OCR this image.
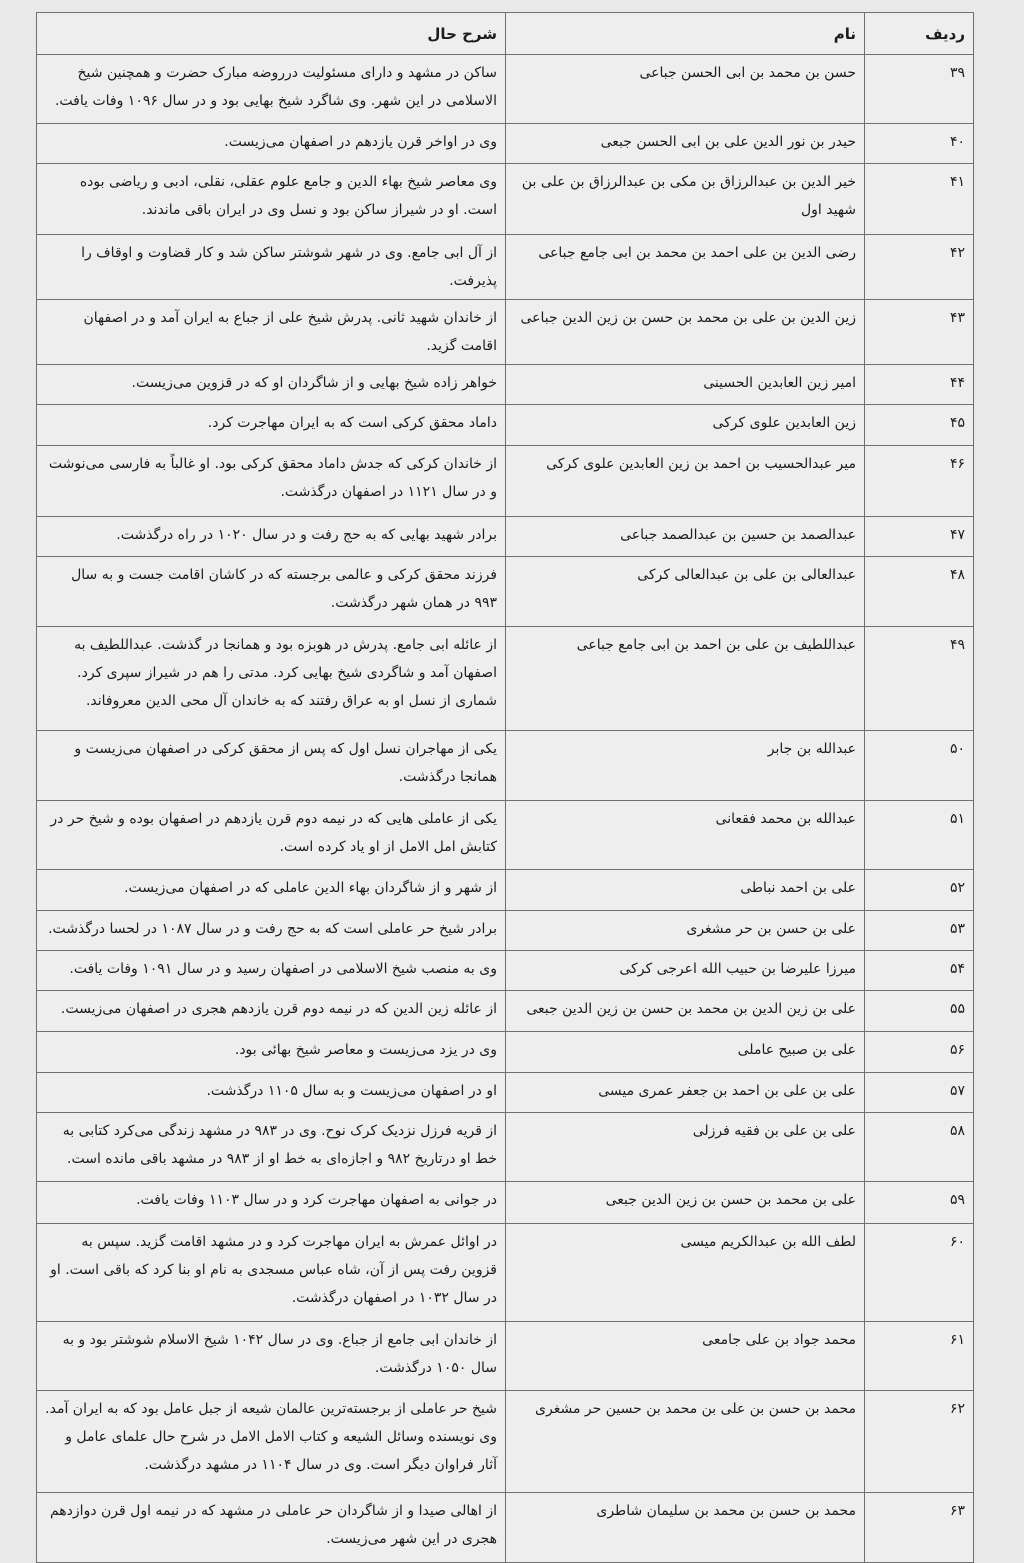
ردیف	نام	شرح حال
۳۹	حسن بن محمد بن ابی الحسن جباعی	ساکن در مشهد و دارای مسئولیت درروضه مبارک حضرت و همچنین شیخ الاسلامی در این شهر. وی شاگرد شیخ بهایی بود و در سال ۱۰۹۶ وفات یافت.
۴۰	حیدر بن نور الدین علی بن ابی الحسن جبعی	وی در اواخر قرن یازدهم در اصفهان می‌زیست.
۴۱	خیر الدین بن عبدالرزاق بن مکی بن عبدالرزاق بن علی بن شهید اول	وی معاصر شیخ بهاء الدین و جامع علوم عقلی، نقلی، ادبی و ریاضی بوده است. او در شیراز ساکن بود و نسل وی در ایران باقی ماندند.
۴۲	رضی الدین بن علی احمد بن محمد بن ابی جامع جباعی	از آل ابی جامع. وی در شهر شوشتر ساکن شد و کار قضاوت و اوقاف را پذیرفت.
۴۳	زین الدین بن علی بن محمد بن حسن بن زین الدین جباعی	از خاندان شهید ثانی. پدرش شیخ علی از جباع به ایران آمد و در اصفهان اقامت گزید.
۴۴	امیر زین العابدین الحسینی	خواهر زاده شیخ بهایی و از شاگردان او که در قزوین می‌زیست.
۴۵	زین العابدین علوی کرکی	داماد محقق کرکی است که به ایران مهاجرت کرد.
۴۶	میر عبدالحسیب بن احمد بن زین العابدین علوی کرکی	از خاندان کرکی که جدش داماد محقق کرکی بود. او غالباً به فارسی می‌نوشت و در سال ۱۱۲۱ در اصفهان درگذشت.
۴۷	عبدالصمد بن حسین بن عبدالصمد جباعی	برادر شهید بهایی که به حج رفت و در سال ۱۰۲۰ در راه درگذشت.
۴۸	عبدالعالی بن علی بن عبدالعالی کرکی	فرزند محقق کرکی و عالمی برجسته که در کاشان اقامت جست و به سال ۹۹۳ در همان شهر درگذشت.
۴۹	عبداللطیف بن علی بن احمد بن ابی جامع جباعی	از عائله ابی جامع. پدرش در هوبزه بود و همانجا در گذشت. عبداللطیف به اصفهان آمد و شاگردی شیخ بهایی کرد. مدتی را هم در شیراز سپری کرد. شماری از نسل او به عراق رفتند که به خاندان آل محی الدین معروفاند.
۵۰	عبدالله بن جابر	یکی از مهاجران نسل اول که پس از محقق کرکی در اصفهان می‌زیست و همانجا درگذشت.
۵۱	عبدالله بن محمد فقعانی	یکی از عاملی هایی که در نیمه دوم قرن یازدهم در اصفهان بوده و شیخ حر در کتابش امل الامل از او یاد کرده است.
۵۲	علی بن احمد نباطی	از شهر و از شاگردان بهاء الدین عاملی که در اصفهان می‌زیست.
۵۳	علی بن حسن بن حر مشغری	برادر شیخ حر عاملی است که به حج رفت و در سال ۱۰۸۷ در لحسا درگذشت.
۵۴	میرزا علیرضا بن حبیب الله اعرجی کرکی	وی به منصب شیخ الاسلامی در اصفهان رسید و در سال ۱۰۹۱ وفات یافت.
۵۵	علی بن زین الدین بن محمد بن حسن بن زین الدین جبعی	از عائله زین الدین که در نیمه دوم قرن یازدهم هجری در اصفهان می‌زیست.
۵۶	علی بن صبیح عاملی	وی در یزد می‌زیست و معاصر شیخ بهائی بود.
۵۷	علی بن علی بن احمد بن جعفر عمری میسی	او در اصفهان می‌زیست و به سال ۱۱۰۵ درگذشت.
۵۸	علی بن علی بن فقیه فرزلی	از قریه فرزل نزدیک کرک نوح. وی در ۹۸۳ در مشهد زندگی می‌کرد کتابی به خط او درتاریخ ۹۸۲ و اجازه‌ای به خط او از ۹۸۳ در مشهد باقی مانده است.
۵۹	علی بن محمد بن حسن بن زین الدین جبعی	در جوانی به اصفهان مهاجرت کرد و در سال ۱۱۰۳ وفات یافت.
۶۰	لطف الله بن عبدالکریم میسی	در اوائل عمرش به ایران مهاجرت کرد و در مشهد اقامت گزید. سپس به قزوین رفت پس از آن، شاه عباس مسجدی به نام او بنا کرد که باقی است. او در سال ۱۰۳۲ در اصفهان درگذشت.
۶۱	محمد جواد بن علی جامعی	از خاندان ابی جامع از جباع. وی در سال ۱۰۴۲ شیخ الاسلام شوشتر بود و به سال ۱۰۵۰ درگذشت.
۶۲	محمد بن حسن بن علی بن محمد بن حسین حر مشغری	شیخ حر عاملی از برجسته‌ترین عالمان شیعه از جبل عامل بود که به ایران آمد. وی نویسنده وسائل الشیعه و کتاب الامل الامل در شرح حال علمای عامل و آثار فراوان دیگر است. وی در سال ۱۱۰۴ در مشهد درگذشت.
۶۳	محمد بن حسن بن محمد بن سلیمان شاطری	از اهالی صیدا و از شاگردان حر عاملی در مشهد که در نیمه اول قرن دوازدهم هجری در این شهر می‌زیست.
